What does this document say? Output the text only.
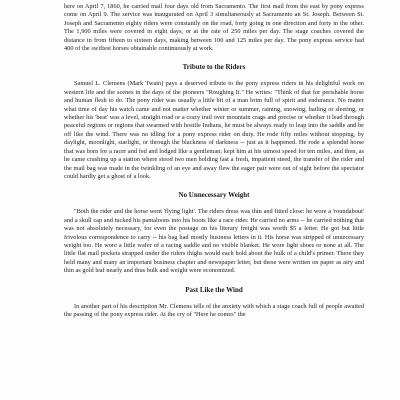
here on April 7, 1860, he carried mail four days old from Sacramento. The first mail from the east by pony express come on April 9. The service was inaugurated on April 3 simultaneously at Sacramento an St. Joseph. Between St. Joseph and Sacramento eighty riders were constantly on the road, forty going in one direction and forty in the other. The 1,900 miles were covered in eight days, or at the rate of 250 miles per day. The stage coaches covered the distance in from fifteen to sixteen days, making between 100 and 125 miles per day. The pony express service had 400 of the swiftest horses obtainable continuously at work.

Tribute to the Riders

Samuel L. Clemens (Mark Twain) pays a deserved tribute to the pony express riders in his delightful work on western life and the scenes in the days of the pioneers "Roughing It." He writes: "Think of that for perishable horse and human flesh to do. The pony rider was usually a little bit of a man brim full of spirit and endurance. No matter what time of day his watch came and not matter whether winter or summer, raining, snowing, hailing or sleeting, or whether his 'beat' was a level, straight road or a crazy trail over mountain crags and precise or whether it lead through peaceful regions or regions that swarmed with hostile Indians, he must be always ready to leap into the saddle and be off like the wind. There was no idling for a pony express rider on duty. He rode fifty miles without stopping, by daylight, moonlight, starlight, or through the blackness of darkness -- just as it happened. He rode a splendid horse that was born for a racer and fed and lodged like a gentleman; kept him at his utmost speed for ten miles, and then, as he came crashing up a station where stood two men holding fast a fresh, impatient steed, the transfer of the rider and the mail bag was made in the twinkling of an eye and away flew the eager pair were out of sight before the spectator could hardly get a ghost of a look.

No Unnecessary Weight

"Both the rider and the horse went 'flying light'. The riders dress was thin and fitted close: he wore a 'roundabout' and a skull cap and tucked his pantaloons into his boots like a race rider. He carried no arms -- he carried nothing that was not absolutely necessary, for even the postage on his literary freight was worth $5 a letter. He got but little frivolous correspondence to carry -- his bag had mostly business letters in it. His horse was stripped of unnecessary weight too. He wore a little wafer of a racing saddle and no visible blanket. He wore light shoes or none at all. The little flat mail pockets strapped under the riders thighs would each hold about the bulk of a child's primer. There they held many and many an important business chapter and newspaper letter, but these were written on paper as airy and thin as gold leaf nearly and thus bulk and weight were economized.

Past Like the Wind

In another part of his description Mr. Clemens tells of the anxiety with which a stage coach full of people awaited the passing of the pony express rider. At the cry of "Here he comes" the
